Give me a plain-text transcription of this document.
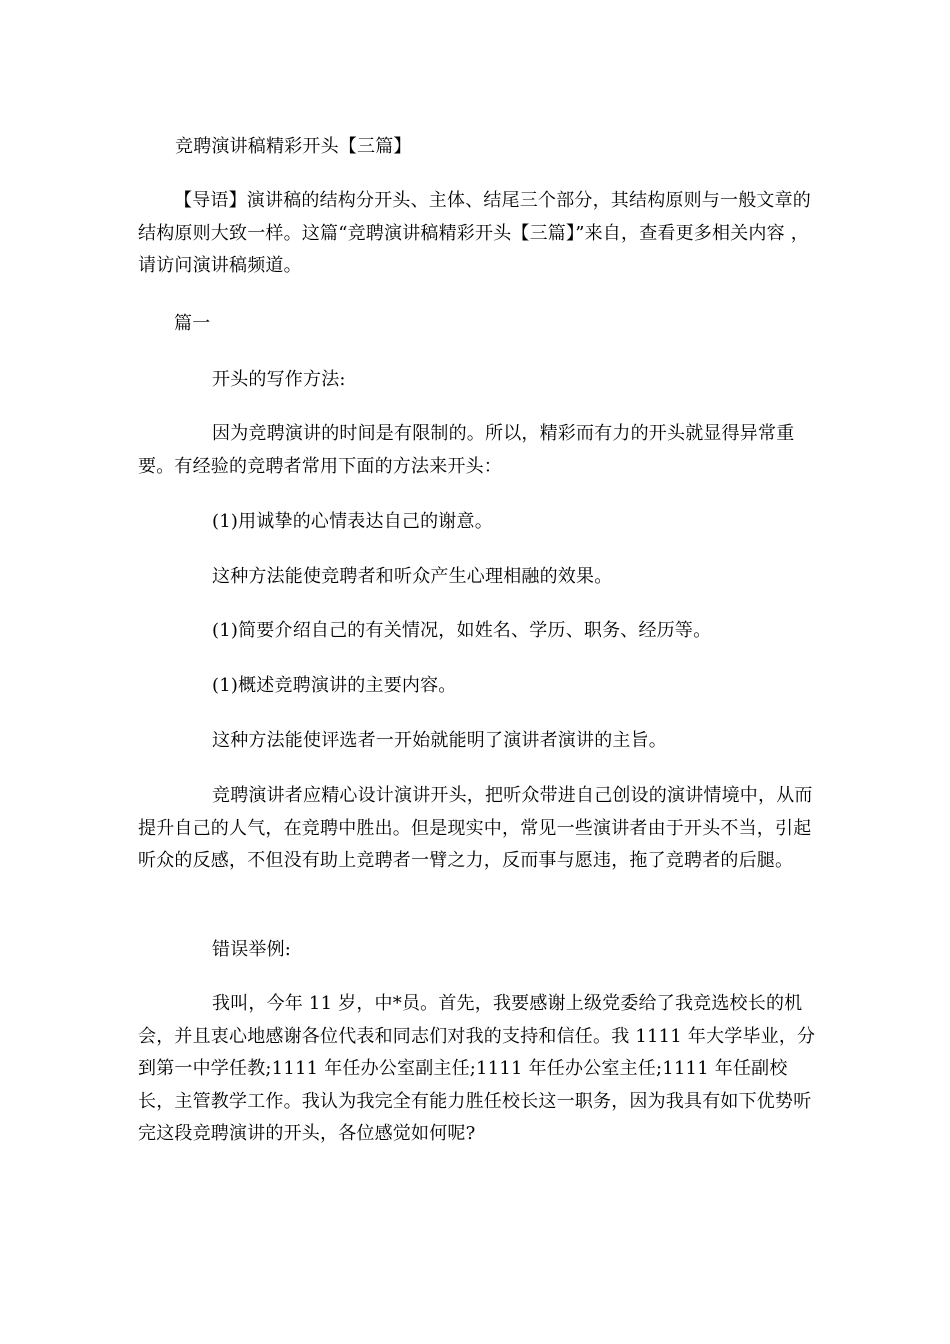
竞聘演讲稿精彩开头【三篇】

【导语】演讲稿的结构分开头、主体、结尾三个部分，其结构原则与一般文章的结构原则大致一样。这篇“竞聘演讲稿精彩开头【三篇】”来自，查看更多相关内容 ，请访问演讲稿频道。

篇一

开头的写作方法:

因为竞聘演讲的时间是有限制的。所以，精彩而有力的开头就显得异常重要。有经验的竞聘者常用下面的方法来开头：

(1)用诚挚的心情表达自己的谢意。

这种方法能使竞聘者和听众产生心理相融的效果。

(1)简要介绍自己的有关情况，如姓名、学历、职务、经历等。

(1)概述竞聘演讲的主要内容。

这种方法能使评选者一开始就能明了演讲者演讲的主旨。

竞聘演讲者应精心设计演讲开头，把听众带进自己创设的演讲情境中，从而提升自己的人气，在竞聘中胜出。但是现实中，常见一些演讲者由于开头不当，引起听众的反感，不但没有助上竞聘者一臂之力，反而事与愿违，拖了竞聘者的后腿。

错误举例:

我叫，今年 11 岁，中*员。首先，我要感谢上级党委给了我竞选校长的机会，并且衷心地感谢各位代表和同志们对我的支持和信任。我 1111 年大学毕业，分到第一中学任教;1111 年任办公室副主任;1111 年任办公室主任;1111 年任副校长，主管教学工作。我认为我完全有能力胜任校长这一职务，因为我具有如下优势听完这段竞聘演讲的开头，各位感觉如何呢?
